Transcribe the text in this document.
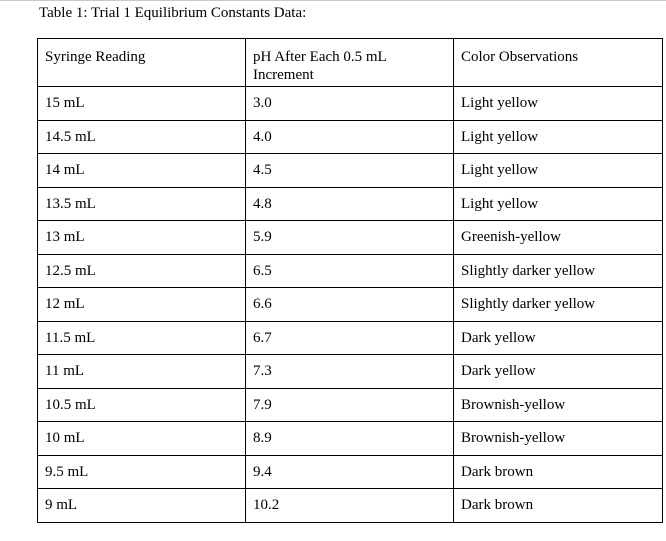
Table 1: Trial 1 Equilibrium Constants Data:
Syringe Reading	pH After Each 0.5 mL Increment	Color Observations
15 mL	3.0	Light yellow
14.5 mL	4.0	Light yellow
14 mL	4.5	Light yellow
13.5 mL	4.8	Light yellow
13 mL	5.9	Greenish-yellow
12.5 mL	6.5	Slightly darker yellow
12 mL	6.6	Slightly darker yellow
11.5 mL	6.7	Dark yellow
11 mL	7.3	Dark yellow
10.5 mL	7.9	Brownish-yellow
10 mL	8.9	Brownish-yellow
9.5 mL	9.4	Dark brown
9 mL	10.2	Dark brown
